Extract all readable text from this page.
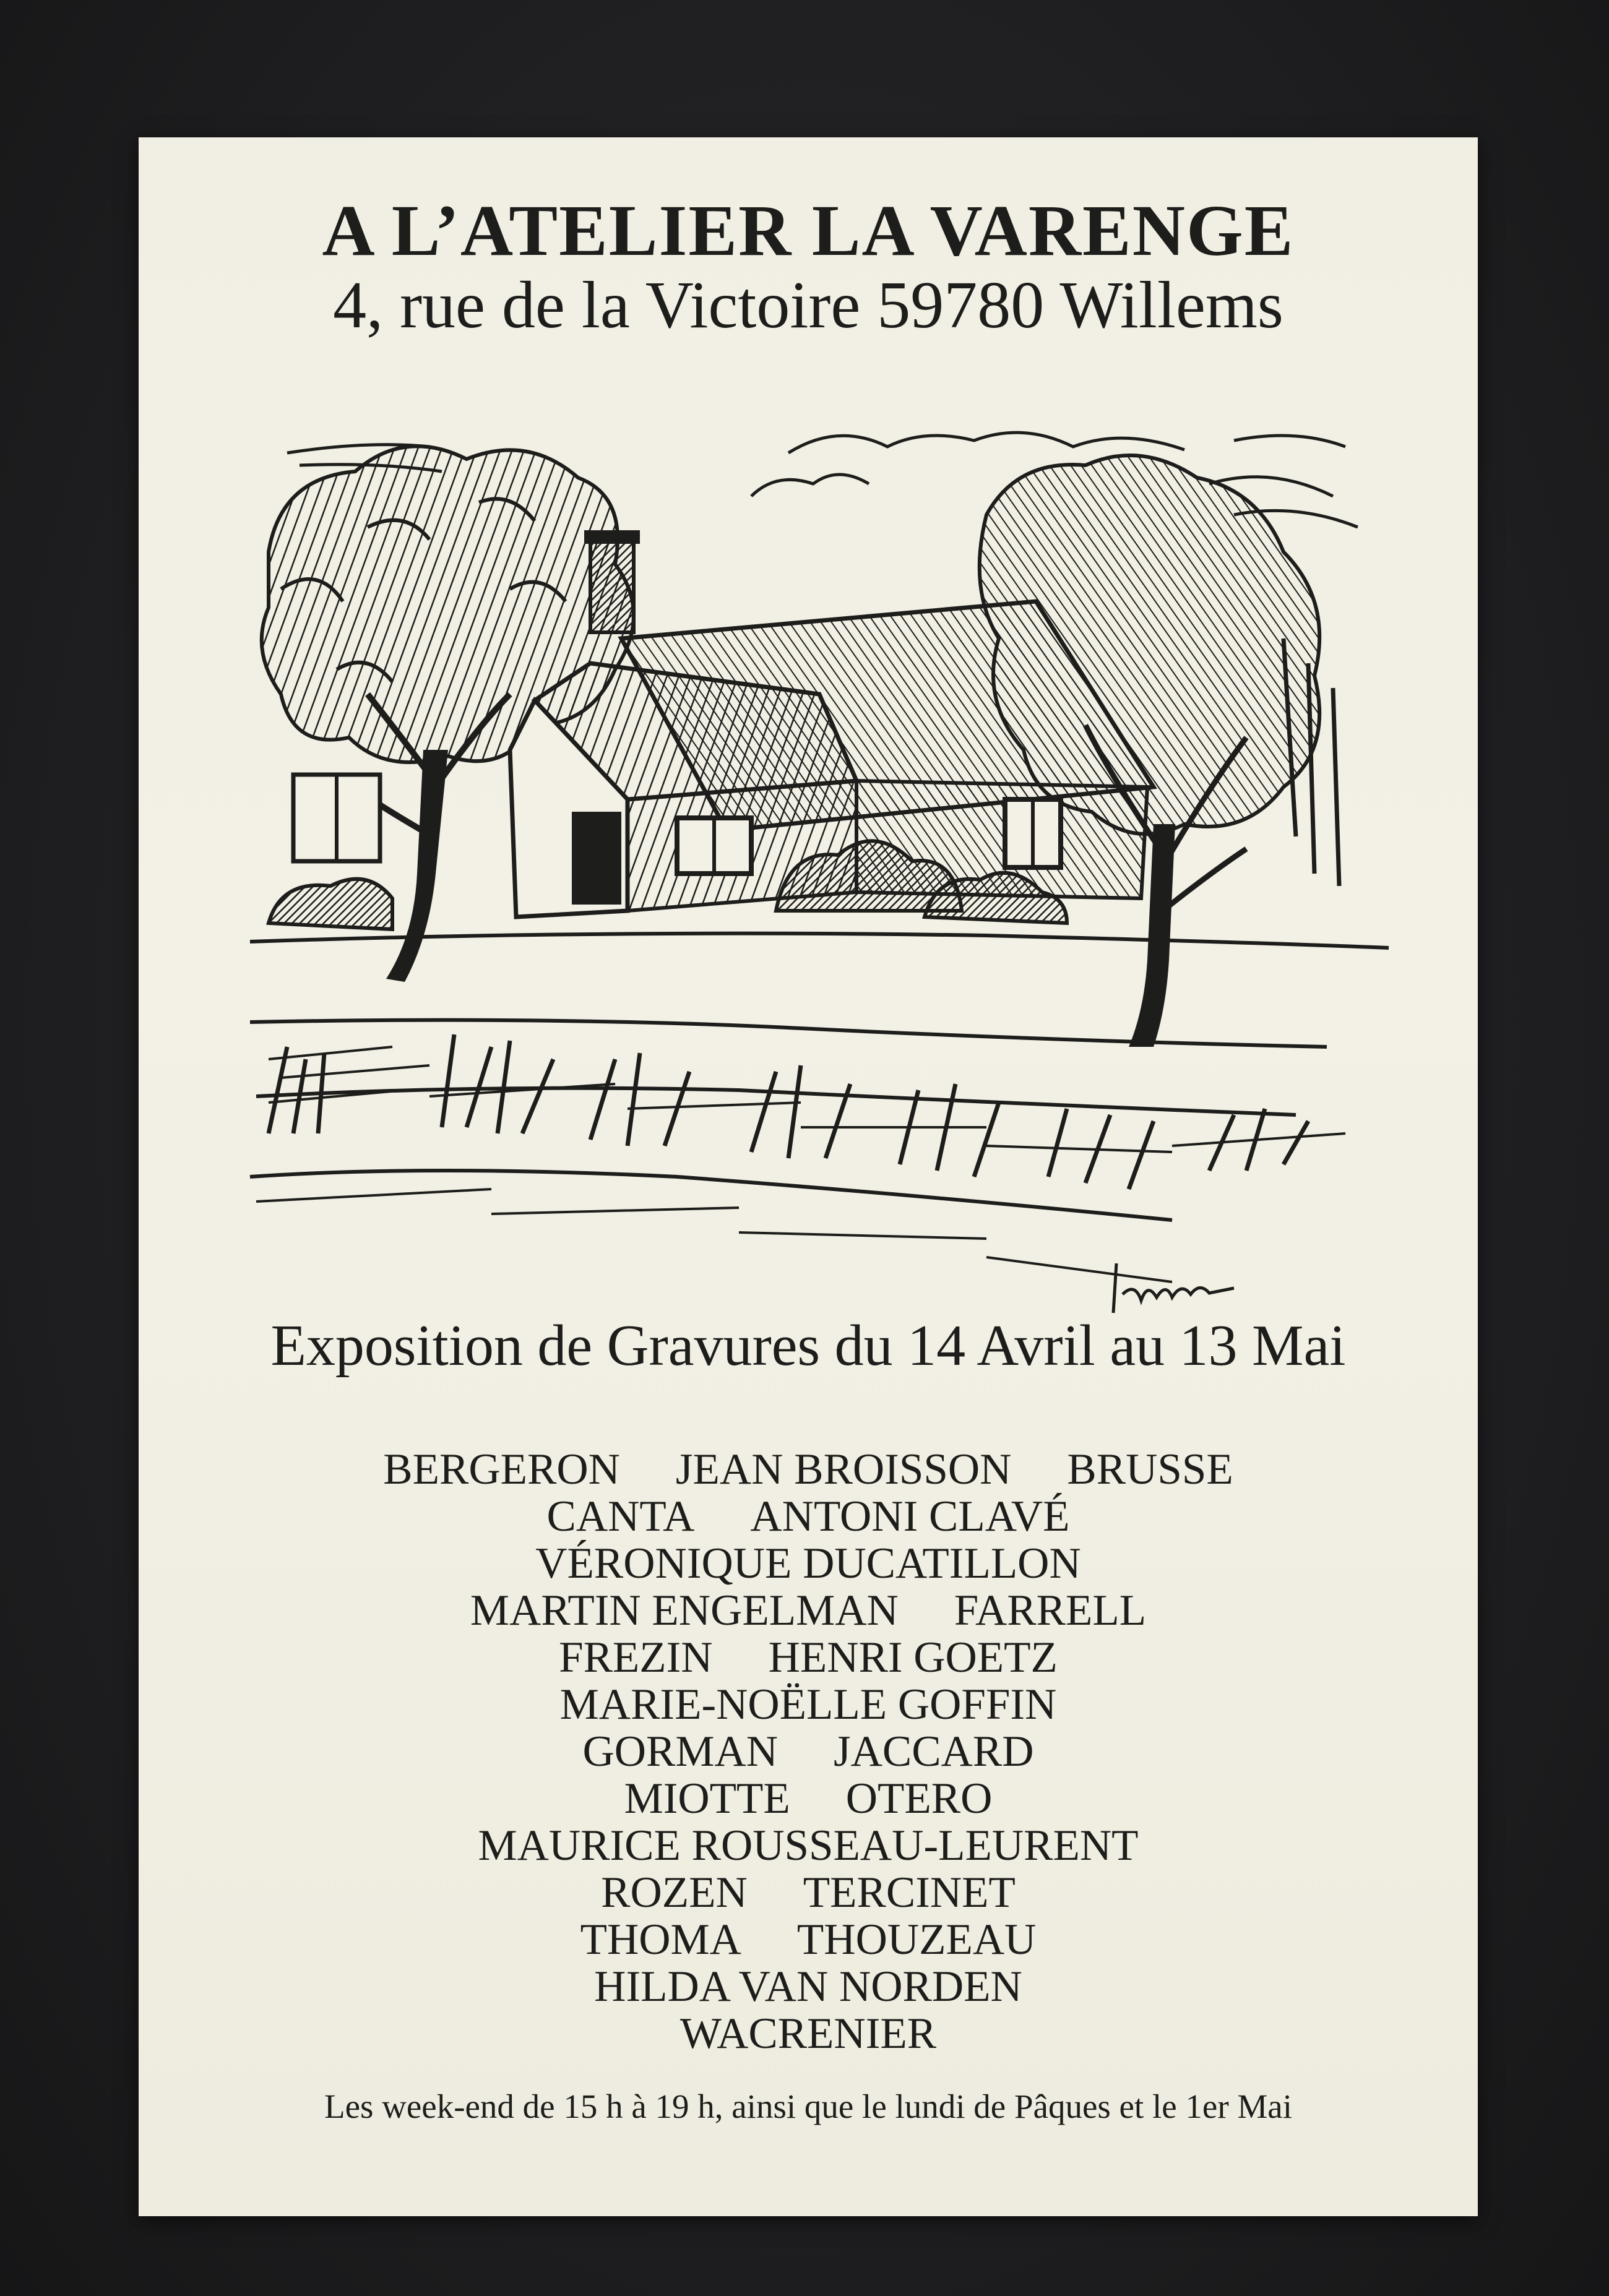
A L’ATELIER LA VARENGE
4, rue de la Victoire 59780 Willems
Exposition de Gravures du 14 Avril au 13 Mai
BERGERON JEAN BROISSON BRUSSE
CANTA ANTONI CLAVÉ
VÉRONIQUE DUCATILLON
MARTIN ENGELMAN FARRELL
FREZIN HENRI GOETZ
MARIE-NOËLLE GOFFIN
GORMAN JACCARD
MIOTTE OTERO
MAURICE ROUSSEAU-LEURENT
ROZEN TERCINET
THOMA THOUZEAU
HILDA VAN NORDEN
WACRENIER
Les week-end de 15 h à 19 h, ainsi que le lundi de Pâques et le 1er Mai
